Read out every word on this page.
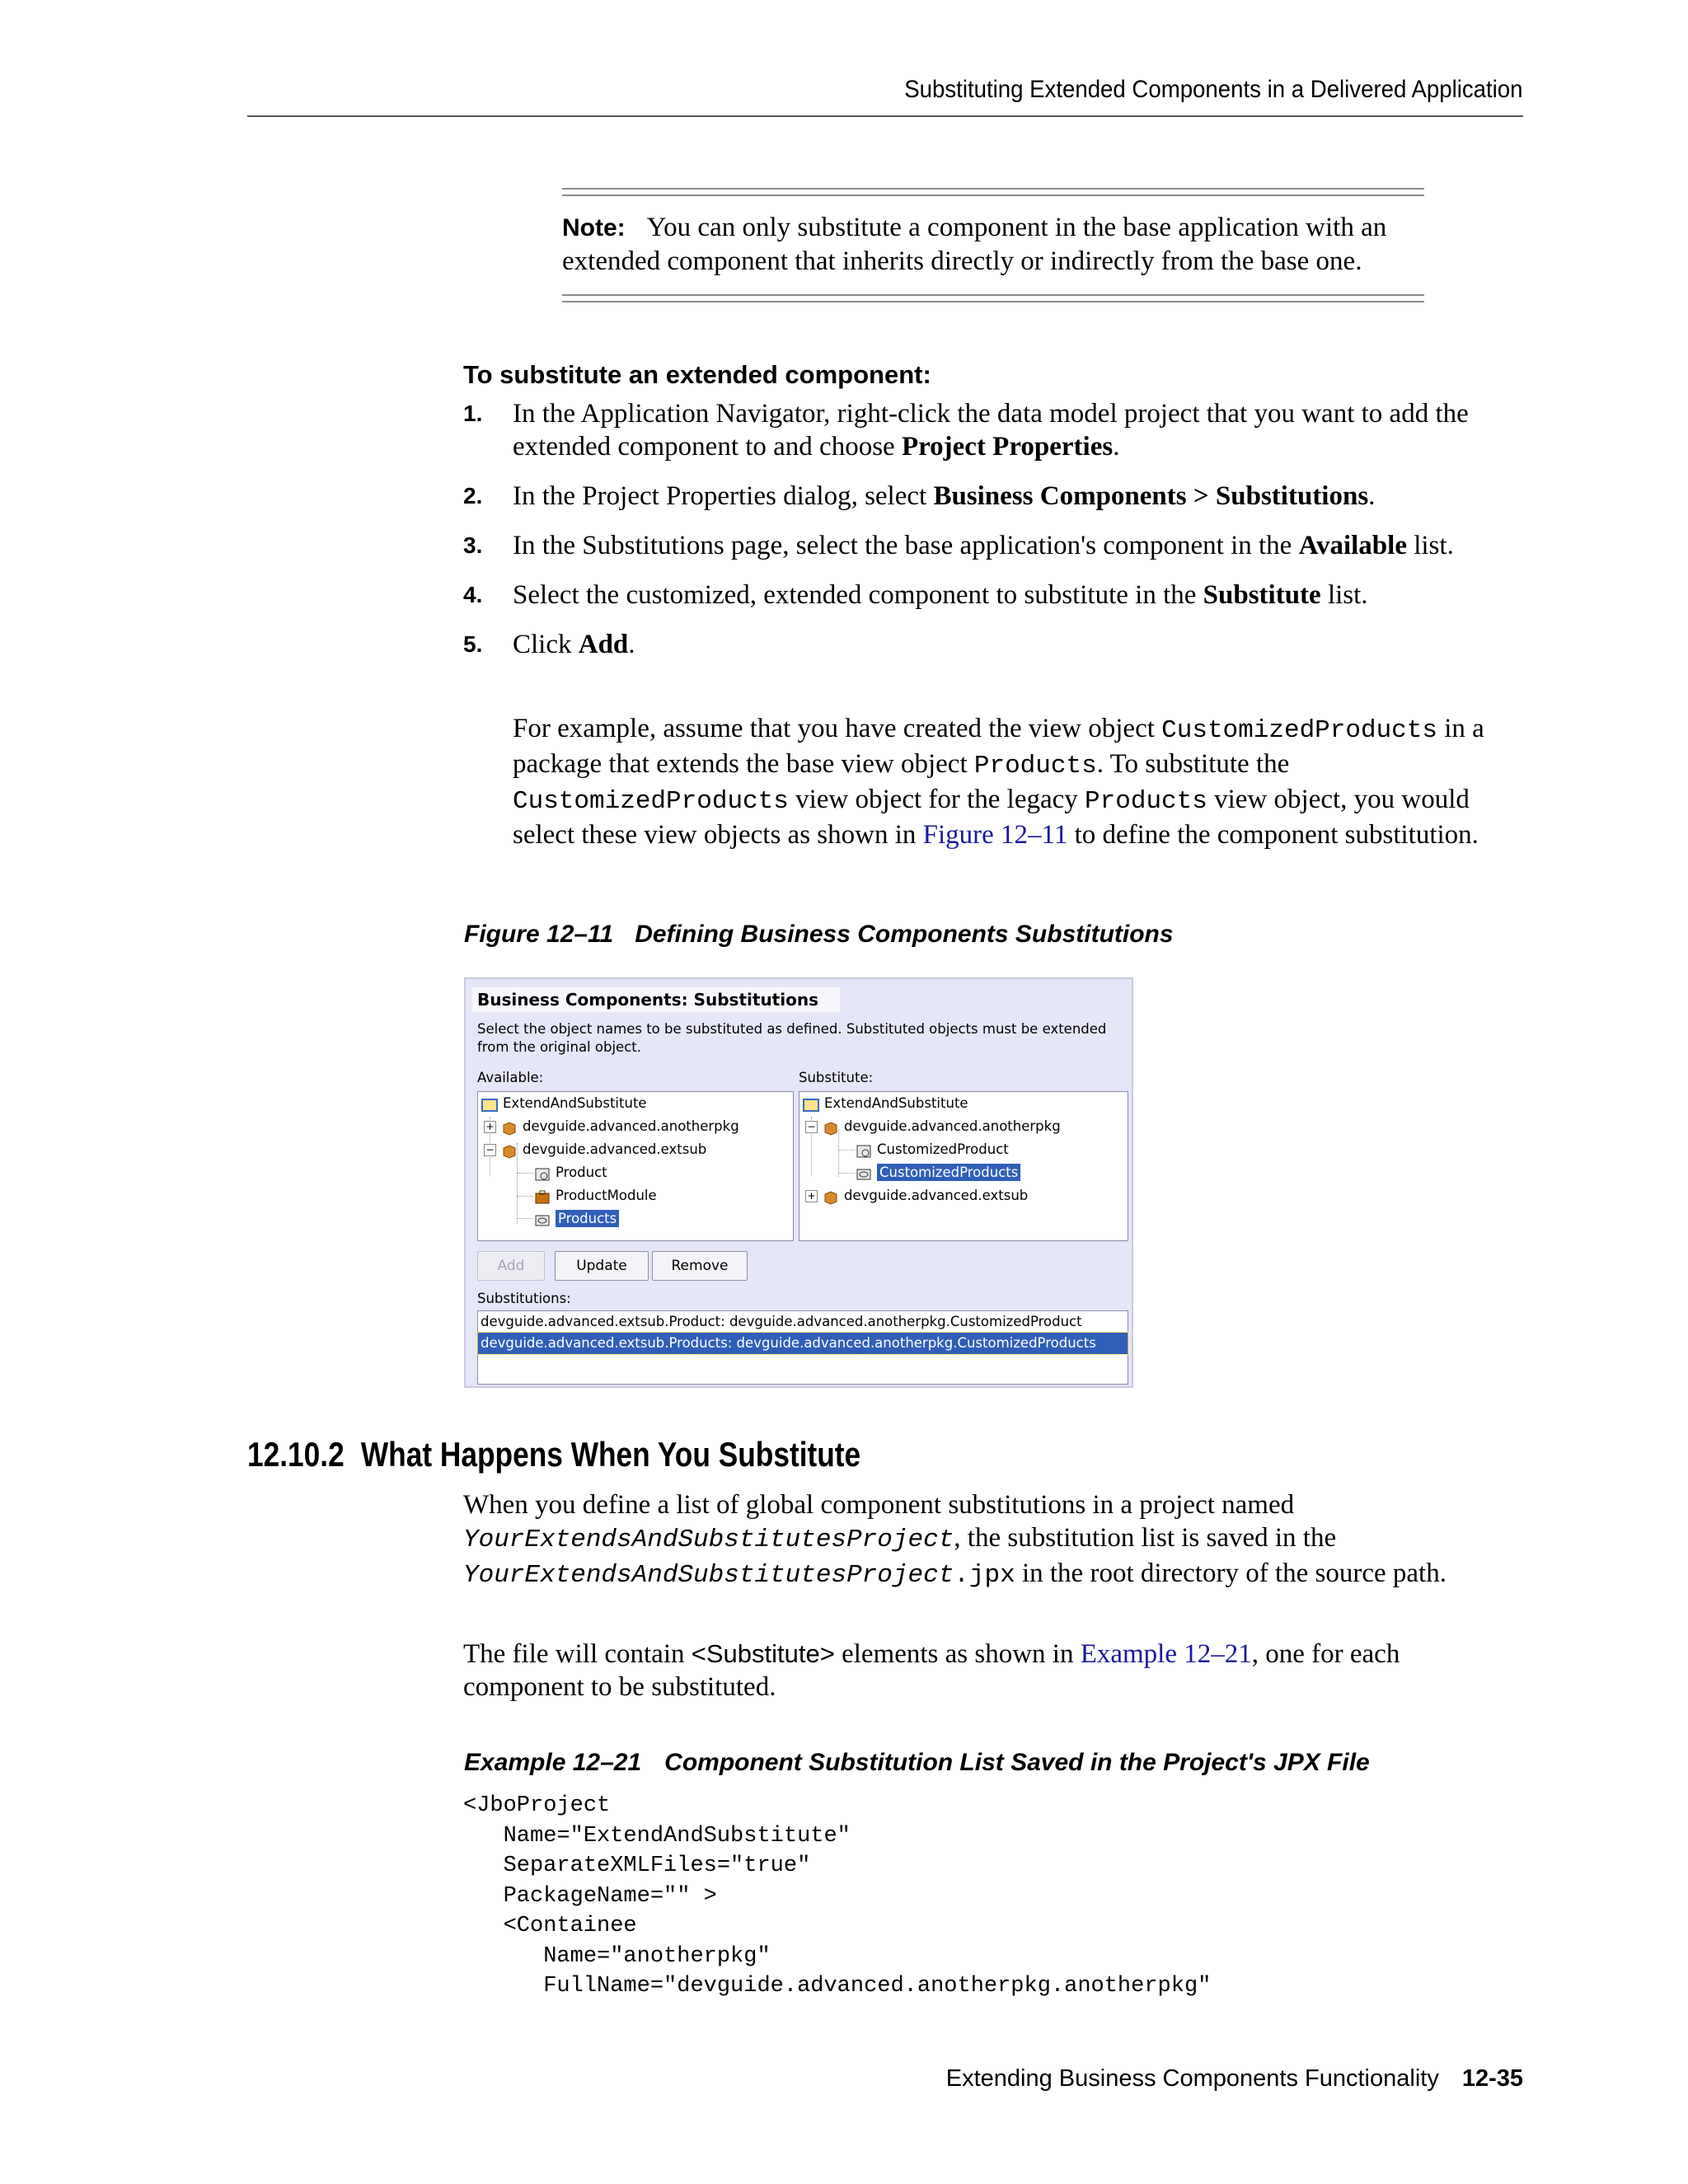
Substituting Extended Components in a Delivered Application
Note: You can only substitute a component in the base application with an extended component that inherits directly or indirectly from the base one.
To substitute an extended component:
1. In the Application Navigator, right-click the data model project that you want to add the extended component to and choose Project Properties.
2. In the Project Properties dialog, select Business Components > Substitutions.
3. In the Substitutions page, select the base application's component in the Available list.
4. Select the customized, extended component to substitute in the Substitute list.
5. Click Add.
For example, assume that you have created the view object CustomizedProducts in a package that extends the base view object Products. To substitute the CustomizedProducts view object for the legacy Products view object, you would select these view objects as shown in Figure 12–11 to define the component substitution.
Figure 12–11 Defining Business Components Substitutions
Business Components: Substitutions
Select the object names to be substituted as defined. Substituted objects must be extended from the original object.
Available:	Substitute:
ExtendAndSubstitute
+	devguide.advanced.anotherpkg
−	devguide.advanced.extsub
Product
ProductModule
Products
ExtendAndSubstitute
−	devguide.advanced.anotherpkg
CustomizedProduct
CustomizedProducts
+	devguide.advanced.extsub
Add	Update	Remove
Substitutions:
devguide.advanced.extsub.Product: devguide.advanced.anotherpkg.CustomizedProduct
devguide.advanced.extsub.Products: devguide.advanced.anotherpkg.CustomizedProducts
12.10.2 What Happens When You Substitute

When you define a list of global component substitutions in a project named YourExtendsAndSubstitutesProject, the substitution list is saved in the YourExtendsAndSubstitutesProject.jpx in the root directory of the source path.

The file will contain <Substitute> elements as shown in Example 12–21, one for each component to be substituted.

Example 12–21 Component Substitution List Saved in the Project's JPX File
<JboProject
Name="ExtendAndSubstitute"
SeparateXMLFiles="true"
PackageName="" >
<Containee
Name="anotherpkg"
FullName="devguide.advanced.anotherpkg.anotherpkg"
Extending Business Components Functionality 12-35
